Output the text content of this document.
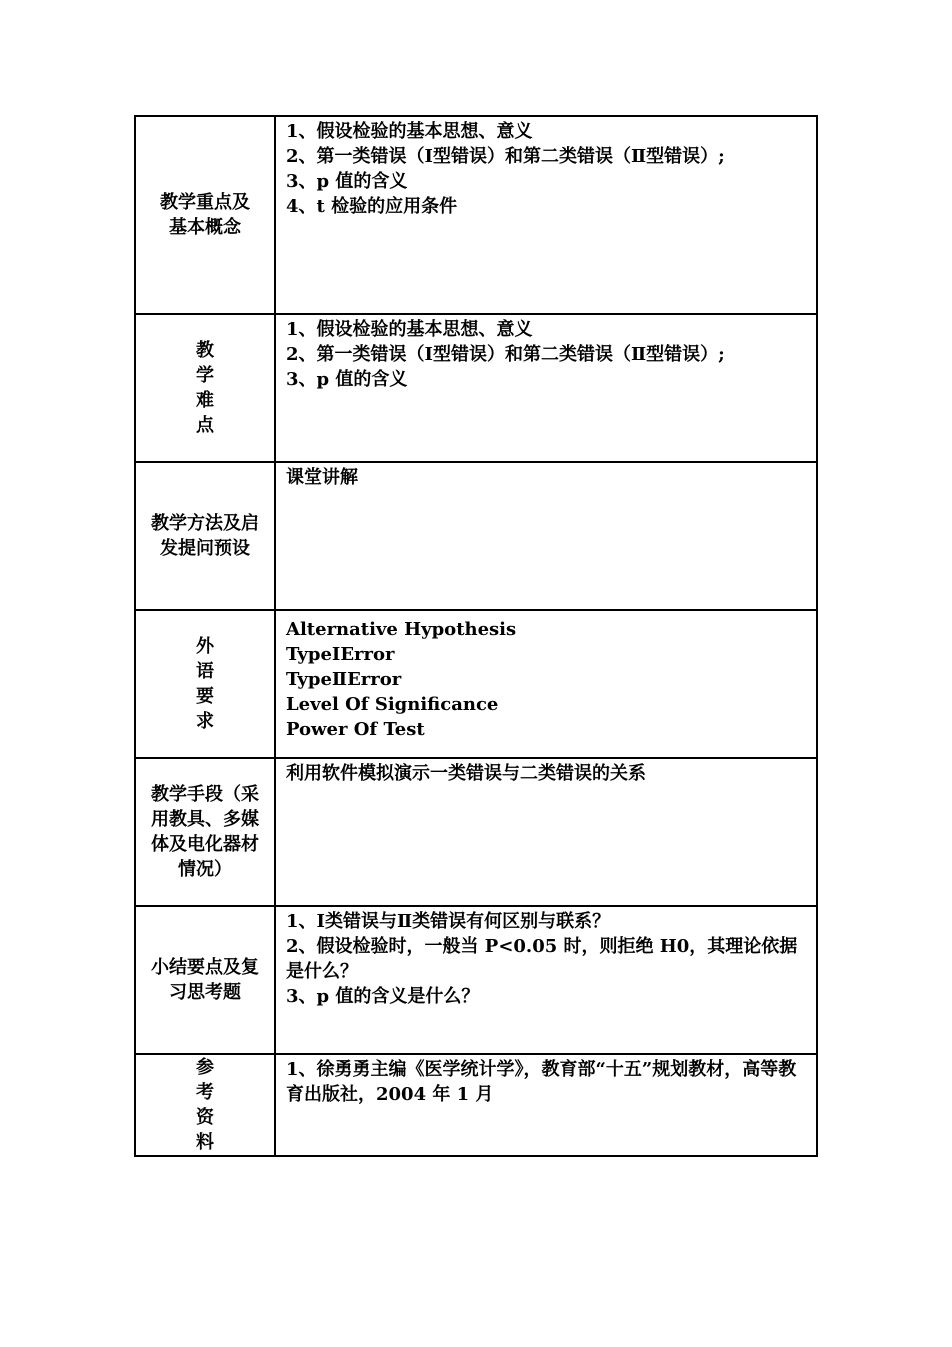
教学重点及
基本概念	1、假设检验的基本思想、意义
2、第一类错误（Ⅰ型错误）和第二类错误（Ⅱ型错误）;
3、p 值的含义
4、t 检验的应用条件

教
学
难
点	1、假设检验的基本思想、意义
2、第一类错误（Ⅰ型错误）和第二类错误（Ⅱ型错误）;
3、p 值的含义

教学方法及启
发提问预设	课堂讲解

外
语
要
求	Alternative Hypothesis
TypeⅠError
TypeⅡError
Level Of Significance
Power Of Test

教学手段（采
用教具、多媒
体及电化器材
情况）	利用软件模拟演示一类错误与二类错误的关系

小结要点及复
习思考题	1、Ⅰ类错误与Ⅱ类错误有何区别与联系？
2、假设检验时，一般当 P<0.05 时，则拒绝 H0，其理论依据是什么？
3、p 值的含义是什么？

参
考
资
料	1、徐勇勇主编《医学统计学》，教育部“十五”规划教材，高等教育出版社，2004 年 1 月
